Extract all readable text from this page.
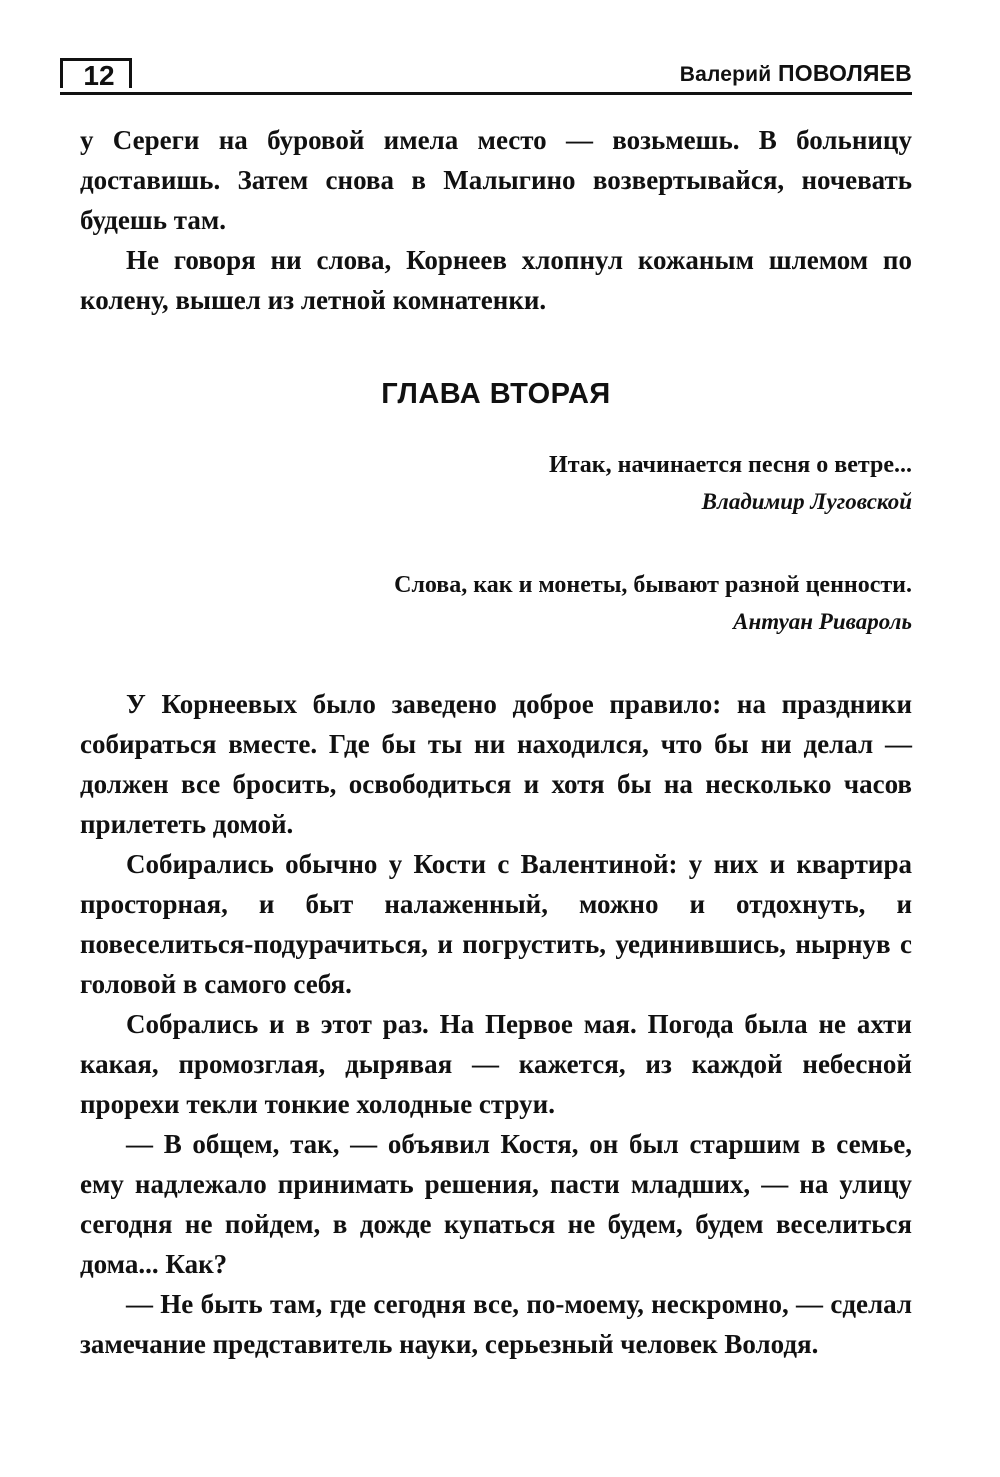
12	Валерий ПОВОЛЯЕВ

у Сереги на буровой имела место — возьмешь. В больницу доставишь. Затем снова в Малыгино возвертывайся, ночевать будешь там.

Не говоря ни слова, Корнеев хлопнул кожаным шлемом по колену, вышел из летной комнатенки.

ГЛАВА ВТОРАЯ
Итак, начинается песня о ветре...
Владимир Луговской
Слова, как и монеты, бывают разной ценности.
Антуан Ривароль

У Корнеевых было заведено доброе правило: на праздники собираться вместе. Где бы ты ни находился, что бы ни делал — должен все бросить, освободиться и хотя бы на несколько часов прилететь домой.

Собирались обычно у Кости с Валентиной: у них и квартира просторная, и быт налаженный, можно и отдохнуть, и повеселиться-подурачиться, и погрустить, уединившись, нырнув с головой в самого себя.

Собрались и в этот раз. На Первое мая. Погода была не ахти какая, промозглая, дырявая — кажется, из каждой небесной прорехи текли тонкие холодные струи.

— В общем, так, — объявил Костя, он был старшим в семье, ему надлежало принимать решения, пасти младших, — на улицу сегодня не пойдем, в дожде купаться не будем, будем веселиться дома... Как?

— Не быть там, где сегодня все, по-моему, нескромно, — сделал замечание представитель науки, серьезный человек Володя.
